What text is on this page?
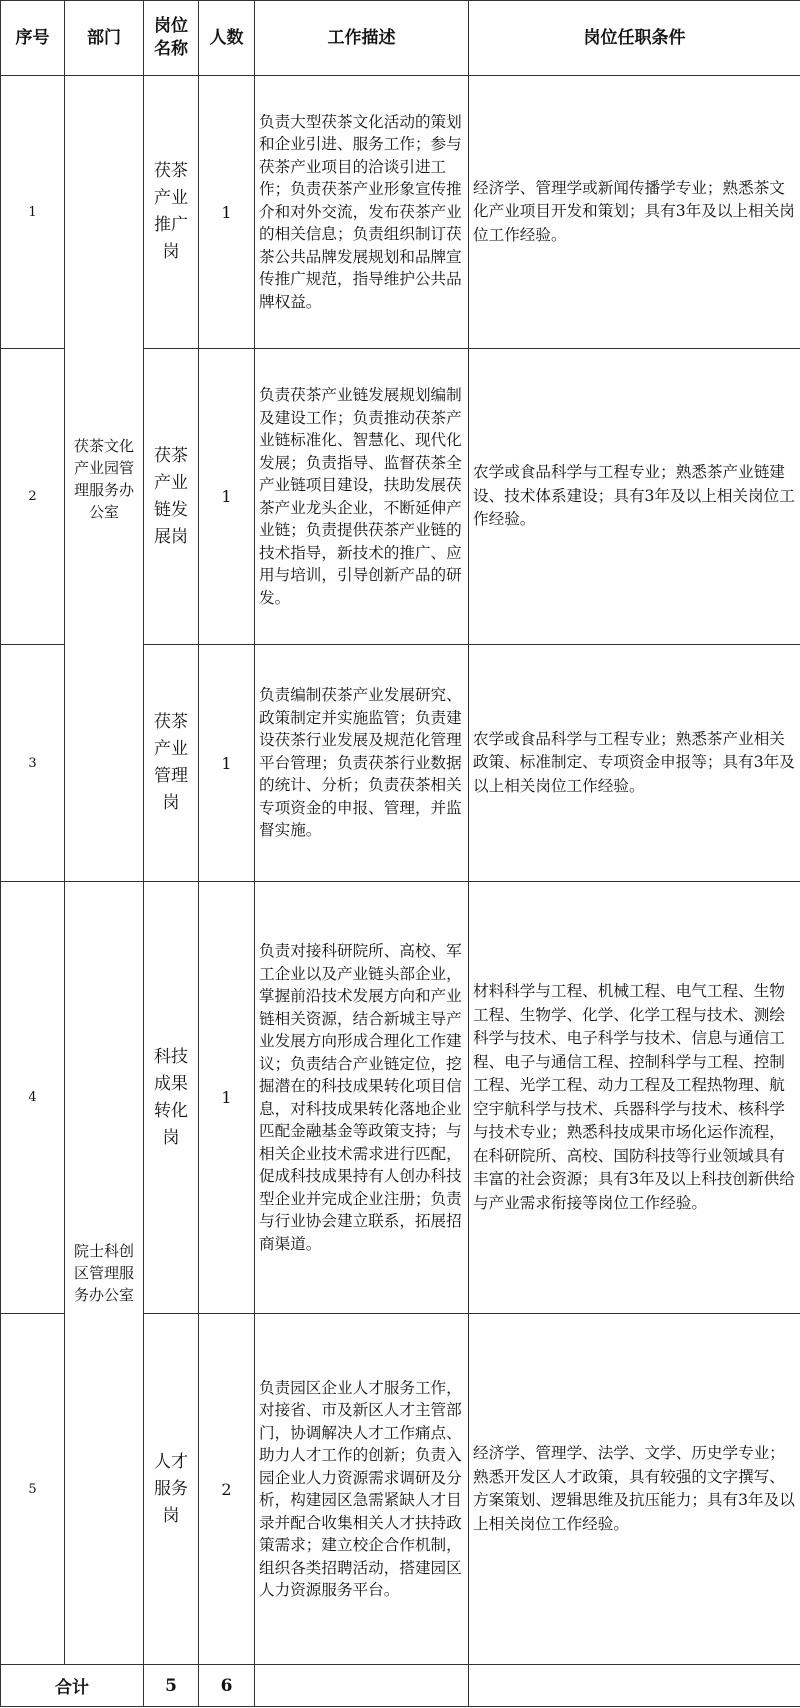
序号	部门	岗位名称	人数	工作描述	岗位任职条件
1	茯茶文化产业园管理服务办公室	茯茶产业推广岗	1	负责大型茯茶文化活动的策划和企业引进、服务工作；参与茯茶产业项目的洽谈引进工作；负责茯茶产业形象宣传推介和对外交流，发布茯茶产业的相关信息；负责组织制订茯茶公共品牌发展规划和品牌宣传推广规范，指导维护公共品牌权益。	经济学、管理学或新闻传播学专业；熟悉茶文化产业项目开发和策划；具有3年及以上相关岗位工作经验。
2		茯茶产业链发展岗	1	负责茯茶产业链发展规划编制及建设工作；负责推动茯茶产业链标准化、智慧化、现代化发展；负责指导、监督茯茶全产业链项目建设，扶助发展茯茶产业龙头企业，不断延伸产业链；负责提供茯茶产业链的技术指导，新技术的推广、应用与培训，引导创新产品的研发。	农学或食品科学与工程专业；熟悉茶产业链建设、技术体系建设；具有3年及以上相关岗位工作经验。
3		茯茶产业管理岗	1	负责编制茯茶产业发展研究、政策制定并实施监管；负责建设茯茶行业发展及规范化管理平台管理；负责茯茶行业数据的统计、分析；负责茯茶相关专项资金的申报、管理，并监督实施。	农学或食品科学与工程专业；熟悉茶产业相关政策、标准制定、专项资金申报等；具有3年及以上相关岗位工作经验。
4	院士科创区管理服务办公室	科技成果转化岗	1	负责对接科研院所、高校、军工企业以及产业链头部企业，掌握前沿技术发展方向和产业链相关资源，结合新城主导产业发展方向形成合理化工作建议；负责结合产业链定位，挖掘潜在的科技成果转化项目信息，对科技成果转化落地企业匹配金融基金等政策支持；与相关企业技术需求进行匹配，促成科技成果持有人创办科技型企业并完成企业注册；负责与行业协会建立联系，拓展招商渠道。	材料科学与工程、机械工程、电气工程、生物工程、生物学、化学、化学工程与技术、测绘科学与技术、电子科学与技术、信息与通信工程、电子与通信工程、控制科学与工程、控制工程、光学工程、动力工程及工程热物理、航空宇航科学与技术、兵器科学与技术、核科学与技术专业；熟悉科技成果市场化运作流程，在科研院所、高校、国防科技等行业领域具有丰富的社会资源；具有3年及以上科技创新供给与产业需求衔接等岗位工作经验。
5		人才服务岗	2	负责园区企业人才服务工作，对接省、市及新区人才主管部门，协调解决人才工作痛点、助力人才工作的创新；负责入园企业人力资源需求调研及分析，构建园区急需紧缺人才目录并配合收集相关人才扶持政策需求；建立校企合作机制，组织各类招聘活动，搭建园区人力资源服务平台。	经济学、管理学、法学、文学、历史学专业；熟悉开发区人才政策，具有较强的文字撰写、方案策划、逻辑思维及抗压能力；具有3年及以上相关岗位工作经验。
合计		5	6		
